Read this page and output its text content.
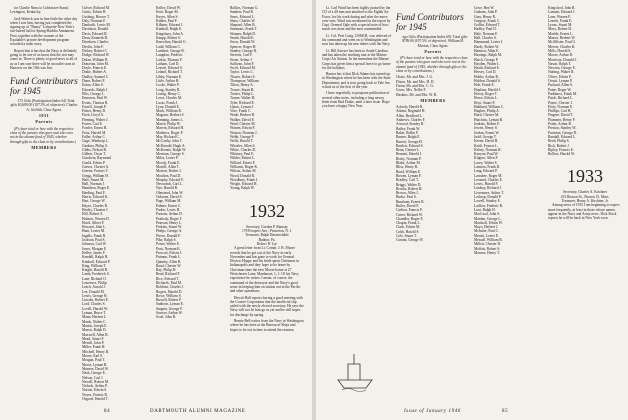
for Charlie Nims to Cobbossee Stand, Lexington, Kentucky.

Jack Warrick was in fine fettle the other day when I saw him, having just completed the signing up of "Buzzy" Lafayette-New York's fair-haired lad for Spring-Raddio Armament. First, together with the women of the Equitable's private development program recorded a radio story.

Report that it has that the Navy is definitely going to let one of us know that the rest may come in. There is plenty of good news to all of us as I am sure there will be an outlet soon in Hanover on the 19th was Jim.

Fund Contributors for 1945

373 Gifts (Participation Index 64) Total gifts $3,689.00 (107.5% of objective). Charles A. Griffith, Class Agent.

1931
Parents

(P's have total or how with the respective class of the parents who gave and who were not in the alumni fund of 1945, whether through gifts to the class or by contributions.)

MEMBERS
Culver, Richard M.
Curtis, Edwin H.
Cushing, Horace T.
Daly, Norman F.
Danforth, Lewis M.
Davidson, Donald
Davis, Edward R.
Dean, Kenneth H.
Dearborn, Charles
Devlin, John F.
Dickey, Robert C.
Dodge, Richard W.
Dolan, William B.
Donovan, John M.
Doyle, Francis E.
Drake, Hubert A.
Dudley, Samuel C.
Dunn, Robert F.
Eaton, Allen S.
Edwards, Ralph J.
Ellis, George L.
Emerson, Paul W.
Evans, Thomas R.
Farrell, Joseph P.
Fisher, Henry D.
Fitch, Lloyd A.
Fleming, Walter J.
Foster, Carl E.
Fowler, Ernest B.
Frost, Harold M.
Fuller, Arthur C.
Gage, Winthrop L.
Gardner, Philip S.
Gibbs, Nelson R.
Gilbert, Oscar T.
Goodwin, Raymond
Gould, Edwin P.
Graves, Chester A.
Greene, Francis T.
Gregg, William H.
Hale, Stuart M.
Hall, Norman J.
Hamilton, Roger E.
Harding, Paul F.
Harris, Edward K.
Hart, George W.
Hayes, Charles R.
Healey, Thomas J.
Hill, Robert A.
Holmes, Warren D.
Hood, Albert F.
Howard, John L.
Hunt, Lester M.
Ingalls, Frank R.
Jackson, Paul S.
Johnson, Carl W.
Jones, Morgan E.
Kelley, James F.
Kendall, Ralph H.
Kimball, Edward P.
King, William T.
Knight, Harold B.
Lamb, Frederick S.
Lane, Richard O.
Lawrence, Philip
Leach, Arnold J.
Lee, Donald M.
Lewis, George H.
Lincoln, Robert E.
Lord, Charles S.
Lovell, Harold W.
Lyman, Bruce T.
Mann, Herbert L.
Marsh, Walter C.
Martin, Joseph E.
Mason, Ralph D.
Maxwell, Allen R.
Mead, Stuart F.
Merrill, John P.
Miller, Frank H.
Mitchell, Henry R.
Moore, Earl S.
Morgan, Paul T.
Morse, Lyman B.
Munroe, David W.
Nash, George E.
Nelson, Carl J.
Newell, Robert M.
Nichols, Arthur P.
Norton, Edwin S.
Noyes, Francis R.
Osgood, Harold T.
Kelley, David W.
Kent, Roger M.
Keyes, Allen S.
Kidder, Paul F.
Kilburn, Edward J.
Kimball, Ralph E.
Kingsbury, John A.
Knapp, Robert S.
Knowlton, Harold G.
Ladd, William C.
Lambert, George R.
Langdon, Frederic
Larkin, Thomas F.
Latham, Carl D.
Leavitt, Edward S.
Leland, Richard T.
Libby, Norman E.
Little, Arthur H.
Locke, Walter P.
Long, Stanley R.
Loring, Henry C.
Lowe, Charles M.
Lucas, Frank J.
Lyon, Donald E.
Mack, William R.
Magoon, Herbert S.
Manning, James L.
March, Philip W.
Marvin, Edward H.
Mathews, Roger F.
May, Richard C.
McCarthy, John T.
McDonald, Hugh A.
McKenzie, Ralph W.
Merriam, George S.
Miles, Lester P.
Moody, Frank E.
Morrill, Allen T.
Morton, Robert J.
Moulton, Paul D.
Murphy, Edward F.
Newcomb, Carl L.
Nye, Harold R.
Olmstead, John W.
Osborne, David S.
Page, William M.
Palmer, Ernest C.
Parker, Lewis H.
Parsons, Arthur D.
Peabody, Roger T.
Pearson, Henry L.
Perkins, Stuart W.
Phelps, George A.
Pierce, Donald F.
Pike, Ralph S.
Porter, Walter E.
Pratt, Norman K.
Prescott, Edwin J.
Putnam, Frank L.
Quimby, Allen R.
Rand, Chester W.
Ray, Philip H.
Read, Richard F.
Rice, Edward T.
Richards, Paul M.
Robbins, Charles J.
Rogers, Harold D.
Rowe, William S.
Russell, Robert P.
Sanborn, Lyman E.
Sargent, George F.
Sawyer, Arthur W.
Scott, John R.
Rollins, Norman G.
Sanders, Paul R.
Sears, Edward L.
Shaw, Charles W.
Shepard, Allen B.
Simmons, Frank T.
Skinner, Ralph D.
Smith, Harold E.
Snow, Donald W.
Spencer, Roger H.
Stanley, George R.
Stevens, Carl F.
Stone, Arthur J.
Sullivan, John P.
Swift, Edward M.
Taylor, Lewis C.
Thayer, Robert S.
Thompson, William
Tilton, Henry A.
Towne, Stuart R.
Tucker, Philip L.
Turner, Walter H.
Tyler, Richard E.
Upton, Lyman J.
Vose, Frank C.
Wade, Herbert R.
Walker, David E.
Ward, Chester M.
Warren, Edwin F.
Watson, Norman J.
Webb, George P.
Wells, Harold T.
Wheeler, Allen S.
White, Charles D.
Whitney, Paul E.
Wilder, Robert L.
Willard, Ernest F.
Williams, Roger K.
Wilson, Arthur M.
Wood, Donald R.
Woodbury, Frank J.
Wright, Edward H.
Young, Ralph W.
1932
Secretary, Gordon P. Ramsay
178 Prospect Ave., Princeton, N. J.
Treasurer, Ralph Hasenwinkle
Radnor, Pa.
Robert W. Lee

A great letter from Lt. Comdr. J. B. Moore reveals that he got out of the Navy in early November and has gone to work for General Electric Hoppy and his bride spent Christmas in Indianapolis and they hope to be home by Christmas time the new Moore home at 27 Westchester Lane, Manhasset, L. I. Of his Navy experience he writes: I mean, of course, the command of the destroyer and the Navy's good sense in keeping him on station out in the Pacific and other operations.

Hewitt Hall reports having a good meeting with the Cruiser Corporation that the unofficial slip sailed with the newly elected secretary. He says the Navy will not let him go as yet and he still hopes for discharge by spring.

Bernie Bell writes from the Navy in Washington where he has been at the Bureau of Ships and hopes to be out in time to attend the reunion.

84	DARTMOUTH ALUMNI MAGAZINE

Lt. Carl Ward has been highly praised by the CO of a 40 mm unit attached to the Eighth Air Force, for his work during and after the move over-seas. Ward was mentioned in the report by Capt. General Ogle with a special note of how much was done and the men commended.

Lt. Col. Pete Craig, USMCR, was relieved of his command and went on to Washington and now has taken up his new duties with the Navy.

Lt. Bill Sawyer has been to South Carolina and has taken the teaching tour at the Marine Corps Air Station. In the meantime the Marine Corps has given him a special leave to go home for the holidays.

Rumor has it that Dick Adams has turned up in Washington where he has been with the State Department, and is now going back to Yale law school as of the first of the year.

I have regretfully to postpone publication of several other notes, including a long newsy letter from Bud Drake, until a later issue. Hope you have a happy New Year.

Fund Contributors for 1945

ago Gifts (Participation Index 69). Total gifts $789.00 (107.5% of objective). William H. Morton, Class Agent.

Parents

(P's have total or how with the respective class of the parents who gave and who were not in the alumni fund of 1945, whether through gifts to the class or by contributions.)

Chase, Mr. and Mrs. J. G.
Dixon, Mr. and Mrs. H. D.
Farrar, Mr. and Mrs. C. G.
Gross, Mrs. Nellie F.
Haskins, Mr. and Mrs. W. R.
MEMBERS
Ackerly, Harold R.
Adams, Reginald H.
Allen, Bradford L.
Andrews, Charles F.
Atwood, Stanley R.
Bailey, Frank W.
Baker, Rollin F.
Barnes, Ralph E.
Barrett, George H.
Bartlett, Edward S.
Bean, Chester L.
Bennett, Harold J.
Bixby, Norman P.
Blake, Arthur M.
Bliss, Henry R.
Bond, William E.
Bowen, Lyman F.
Bradley, Carl T.
Briggs, Walter D.
Brooks, Robert H.
Brown, Allen J.
Burke, Paul S.
Burnham, Ernest R.
Butler, David F.
Carlton, Francis P.
Carter, Richard W.
Chandler, Roger E.
Chapin, Frank L.
Clark, Edwin M.
Cobb, Harold S.
Cole, Stuart T.
Conant, George W.
Gove, Ben W.
Graham, John P.
Gray, Henry R.
Gregory, Frank C.
Griffin, Edward T.
Hadley, Paul D.
Hale, Norman F.
Hall, Charles S.
Hammond, Lester J.
Hardy, Robert W.
Harmon, Allen E.
Hastings, Ralph M.
Hatch, George P.
Hayden, Walter L.
Heath, Richard E.
Hersey, Carl D.
Hobbs, Arthur R.
Holden, Donald S.
Holt, Frank E.
Hopkins, Harold J.
Hovey, Roger T.
Howe, Edwin L.
Hoyt, Stuart P.
Hubbard, William C.
Hughes, Philip A.
Hurd, Chester M.
Hutchins, Lyman R.
Jenkins, Robert F.
Jewett, Henry S.
Jordan, Ernest W.
Judd, George T.
Keene, David H.
Keith, Francis L.
Kelsey, Norman R.
Kenyon, Paul W.
Kilgore, Allen F.
Lacey, Walter S.
Lamson, Frank D.
Lang, Edward P.
Larrabee, Roger M.
Leonard, Charles E.
Lewis, Harold F.
Lindsay, Richard J.
Livermore, Arthur T.
Lothrop, Donald P.
Lowell, Stanley E.
Ludlow, Frederic R.
Lunt, Ralph H.
MacLeod, John S.
Marden, George L.
Marshall, Edwin W.
Mayo, Herbert J.
McIntire, Paul C.
Merritt, Lester E.
Metcalf, William R.
Millett, Chester D.
Moffatt, Robert S.
Monroe, Henry T.
Kingsford, John R.
Lamont, Edward J.
Lane, Warren F.
Leavitt, Frank E.
Lyons, Stuart M.
Macy, Robert H.
Marble, Ernest L.
Mason, Herbert W.
McAllister, Paul G.
Mercer, Charles R.
Mills, Harold S.
Moore, Arthur D.
Morrison, Donald J.
Nason, Ralph T.
Newton, George E.
Nutting, Walter R.
Oliver, Edwin F.
Orcutt, Lyman P.
Packard, Allen S.
Paine, Roger W.
Parkhurst, Frank M.
Patch, Richard L.
Payne, Chester J.
Perry, Norman E.
Phillips, Carl H.
Pingree, David T.
Plummer, Henry F.
Potter, Arthur R.
Preston, Stanley W.
Purinton, George D.
Randall, Edward L.
Reed, Philip S.
Rich, Robert J.
Ripley, Francis E.
Rollins, Harold W.
1933
Secretary, Charles A. Kirchner
413 Beacon St., Boston 15, Mass.
Treasurer, Henry A. Kirchner, Jr.

Among news of 1933 I am beginning to expect more frequently, at least in those whose names appear in the Navy and Army news. Dick Slack reports he will be back in New York soon.

Issue of January 1946	85
